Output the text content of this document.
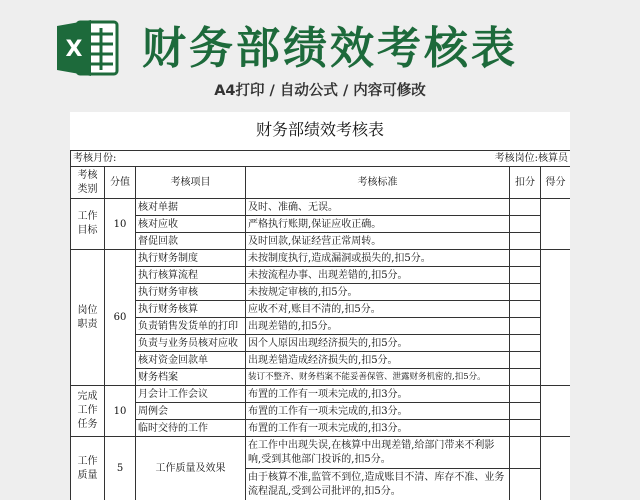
X 财务部绩效考核表
A4打印 / 自动公式 / 内容可修改
财务部绩效考核表
考核月份:			考核岗位:核算员		
考核类别	分值	考核项目	考核标准	扣分	得分
工作目标	10	核对单据	及时、准确、无误。		
		核对应收	严格执行账期,保证应收正确。		
		督促回款	及时回款,保证经营正常周转。		
岗位职责	60	执行财务制度	未按制度执行,造成漏洞或损失的,扣5分。		
		执行核算流程	未按流程办事、出现差错的,扣5分。		
		执行财务审核	未按规定审核的,扣5分。		
		执行财务核算	应收不对,账目不清的,扣5分。		
		负责销售发货单的打印	出现差错的,扣5分。		
		负责与业务员核对应收	因个人原因出现经济损失的,扣5分。		
		核对资金回款单	出现差错造成经济损失的,扣5分。		
		财务档案	装订不整齐、财务档案不能妥善保管、泄露财务机密的,扣5分。		
完成工作任务	10	月会计工作会议	布置的工作有一项未完成的,扣3分。		
		周例会	布置的工作有一项未完成的,扣3分。		
		临时交待的工作	布置的工作有一项未完成的,扣3分。		
工作质量	5	工作质量及效果	在工作中出现失误,在核算中出现差错,给部门带来不利影响,受到其他部门投诉的,扣5分。		
			由于核算不准,监管不到位,造成账目不清、库存不准、业务流程混乱,受到公司批评的,扣5分。		
